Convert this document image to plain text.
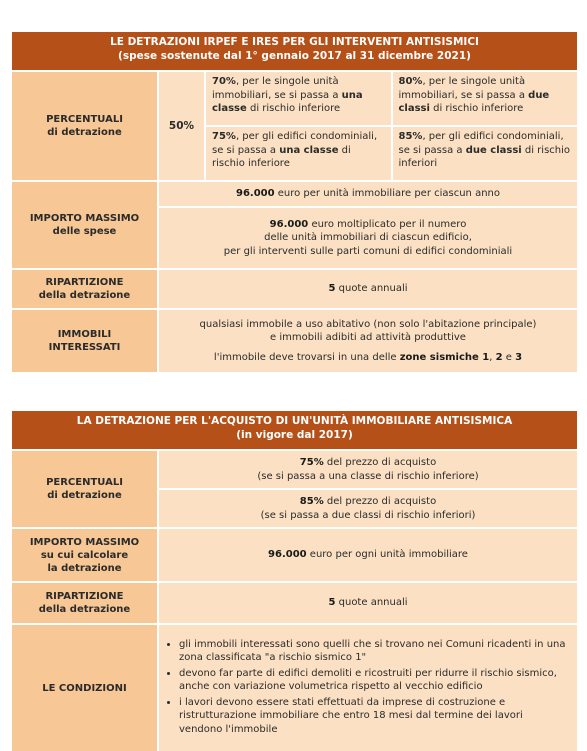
LE DETRAZIONI IRPEF E IRES PER GLI INTERVENTI ANTISISMICI
(spese sostenute dal 1° gennaio 2017 al 31 dicembre 2021)
PERCENTUALI
di detrazione
50%
70%, per le singole unità immobiliari, se si passa a una classe di rischio inferiore
80%, per le singole unità immobiliari, se si passa a due classi di rischio inferiore
75%, per gli edifici condominiali, se si passa a una classe di rischio inferiore
85%, per gli edifici condominiali, se si passa a due classi di rischio inferiori
IMPORTO MASSIMO
delle spese
96.000 euro per unità immobiliare per ciascun anno
96.000 euro moltiplicato per il numero
delle unità immobiliari di ciascun edificio,
per gli interventi sulle parti comuni di edifici condominiali
RIPARTIZIONE
della detrazione
5 quote annuali
IMMOBILI
INTERESSATI
qualsiasi immobile a uso abitativo (non solo l'abitazione principale)
e immobili adibiti ad attività produttive
l'immobile deve trovarsi in una delle zone sismiche 1, 2 e 3
LA DETRAZIONE PER L'ACQUISTO DI UN'UNITÀ IMMOBILIARE ANTISISMICA
(in vigore dal 2017)
PERCENTUALI
di detrazione
75% del prezzo di acquisto
(se si passa a una classe di rischio inferiore)
85% del prezzo di acquisto
(se si passa a due classi di rischio inferiori)
IMPORTO MASSIMO
su cui calcolare
la detrazione
96.000 euro per ogni unità immobiliare
RIPARTIZIONE
della detrazione
5 quote annuali
LE CONDIZIONI
• gli immobili interessati sono quelli che si trovano nei Comuni ricadenti in una zona classificata "a rischio sismico 1"
• devono far parte di edifici demoliti e ricostruiti per ridurre il rischio sismico, anche con variazione volumetrica rispetto al vecchio edificio
• i lavori devono essere stati effettuati da imprese di costruzione e ristrutturazione immobiliare che entro 18 mesi dal termine dei lavori vendono l'immobile
